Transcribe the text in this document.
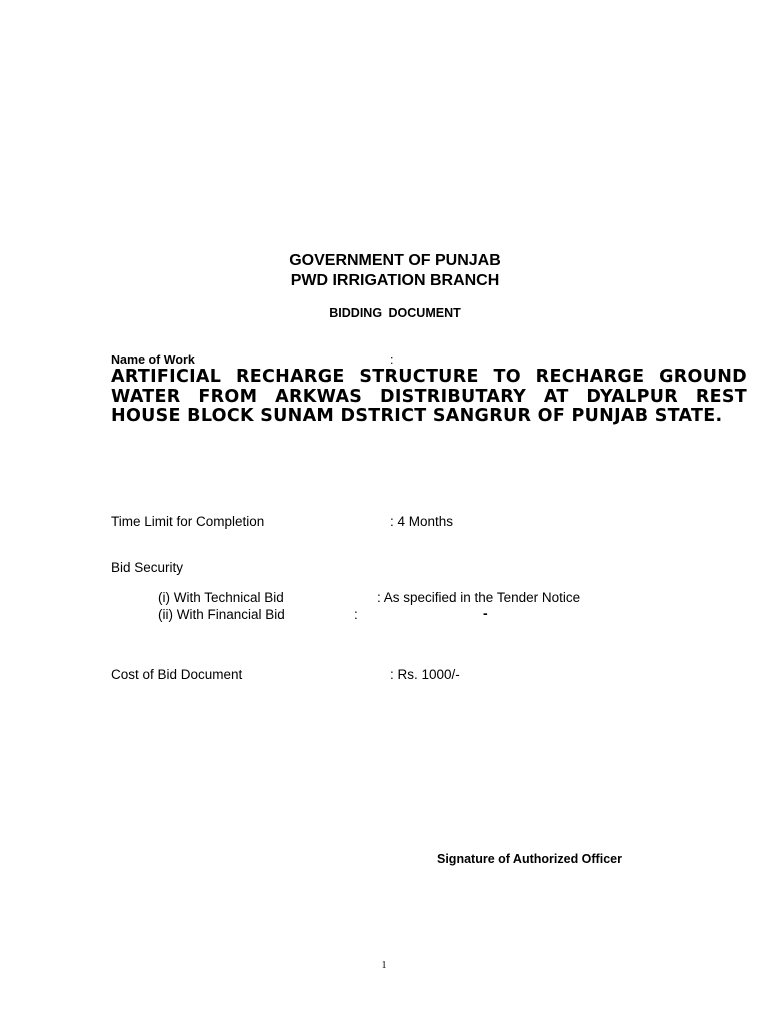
GOVERNMENT OF PUNJAB
PWD IRRIGATION BRANCH
BIDDING DOCUMENT
Name of Work	:
ARTIFICIAL RECHARGE STRUCTURE TO RECHARGE GROUND
WATER FROM ARKWAS DISTRIBUTARY AT DYALPUR REST
HOUSE BLOCK SUNAM DSTRICT SANGRUR OF PUNJAB STATE.
Time Limit for Completion	: 4 Months
Bid Security
(i) With Technical Bid	: As specified in the Tender Notice
(ii) With Financial Bid	:	-
Cost of Bid Document	: Rs. 1000/-
Signature of Authorized Officer
1
